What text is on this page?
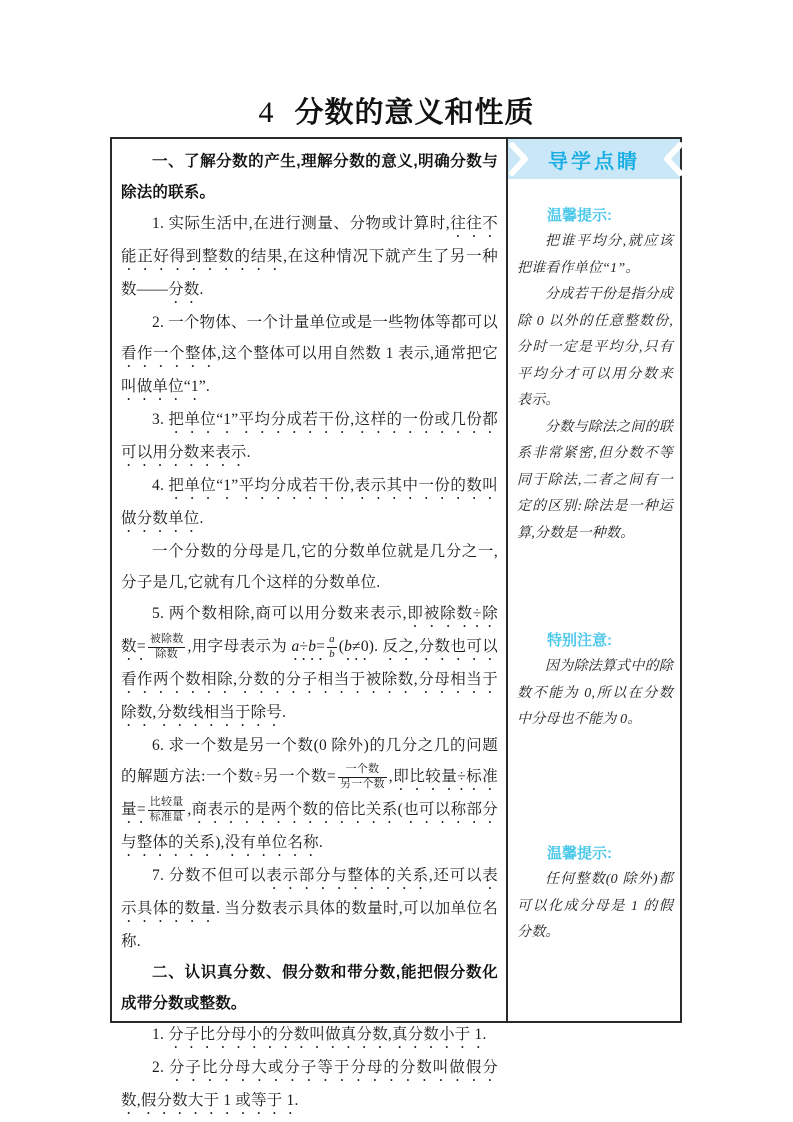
4 分数的意义和性质

一、了解分数的产生,理解分数的意义,明确分数与除法的联系。

1. 实际生活中,在进行测量、分物或计算时,往往不能正好得到整数的结果,在这种情况下就产生了另一种数——分数.

2. 一个物体、一个计量单位或是一些物体等都可以看作一个整体,这个整体可以用自然数 1 表示,通常把它叫做单位“1”.

3. 把单位“1”平均分成若干份,这样的一份或几份都可以用分数来表示.

4. 把单位“1”平均分成若干份,表示其中一份的数叫做分数单位.

一个分数的分母是几,它的分数单位就是几分之一,分子是几,它就有几个这样的分数单位.

5. 两个数相除,商可以用分数来表示,即被除数÷除数= $\frac{\text{被除数}}{\text{除数}}$ ,用字母表示为 $a\div b= \frac{a}{b} (b\ne 0)$. 反之,分数也可以看作两个数相除,分数的分子相当于被除数,分母相当于除数,分数线相当于除号.

6. 求一个数是另一个数(0 除外)的几分之几的问题的解题方法:一个数÷另一个数= $\frac{\text{一个数}}{\text{另一个数}}$ ,即比较量÷标准量= $\frac{\text{比较量}}{\text{标准量}}$ ,商表示的是两个数的倍比关系(也可以称部分与整体的关系),没有单位名称.

7. 分数不但可以表示部分与整体的关系,还可以表示具体的数量. 当分数表示具体的数量时,可以加单位名称.

二、认识真分数、假分数和带分数,能把假分数化成带分数或整数。

1. 分子比分母小的分数叫做真分数,真分数小于 1.

2. 分子比分母大或分子等于分母的分数叫做假分数,假分数大于 1 或等于 1.

导学点睛

温馨提示:

把谁平均分,就应该把谁看作单位“1”。

分成若干份是指分成除 0 以外的任意整数份,分时一定是平均分,只有平均分才可以用分数来表示。

分数与除法之间的联系非常紧密,但分数不等同于除法,二者之间有一定的区别:除法是一种运算,分数是一种数。

特别注意:

因为除法算式中的除数不能为 0,所以在分数中分母也不能为 0。

温馨提示:

任何整数(0 除外)都可以化成分母是 1 的假分数。
